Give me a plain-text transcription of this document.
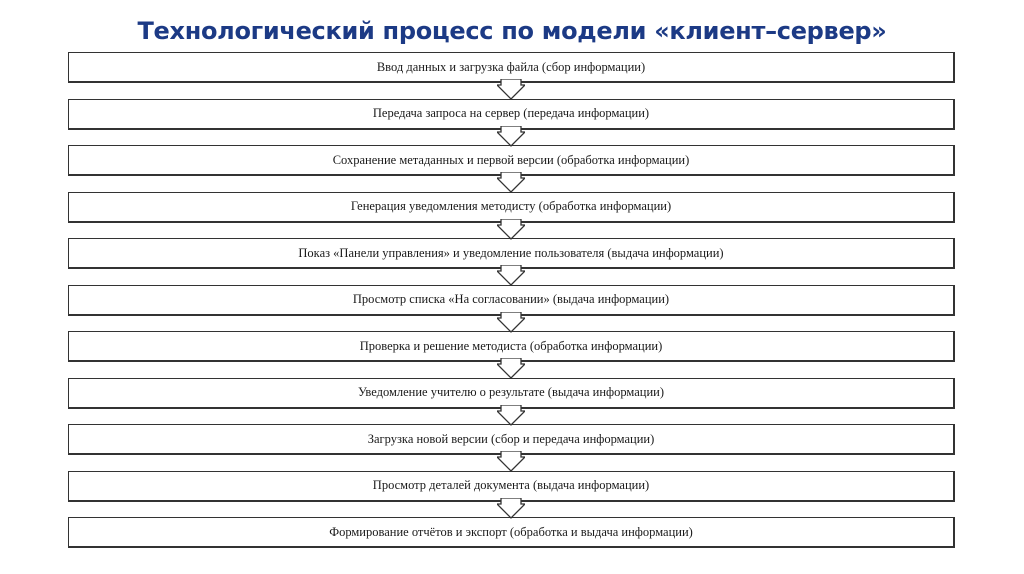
Технологический процесс по модели «клиент–сервер»
Ввод данных и загрузка файла (сбор информации)
Передача запроса на сервер (передача информации)
Сохранение метаданных и первой версии (обработка информации)
Генерация уведомления методисту (обработка информации)
Показ «Панели управления» и уведомление пользователя (выдача информации)
Просмотр списка «На согласовании» (выдача информации)
Проверка и решение методиста (обработка информации)
Уведомление учителю о результате (выдача информации)
Загрузка новой версии (сбор и передача информации)
Просмотр деталей документа (выдача информации)
Формирование отчётов и экспорт (обработка и выдача информации)
